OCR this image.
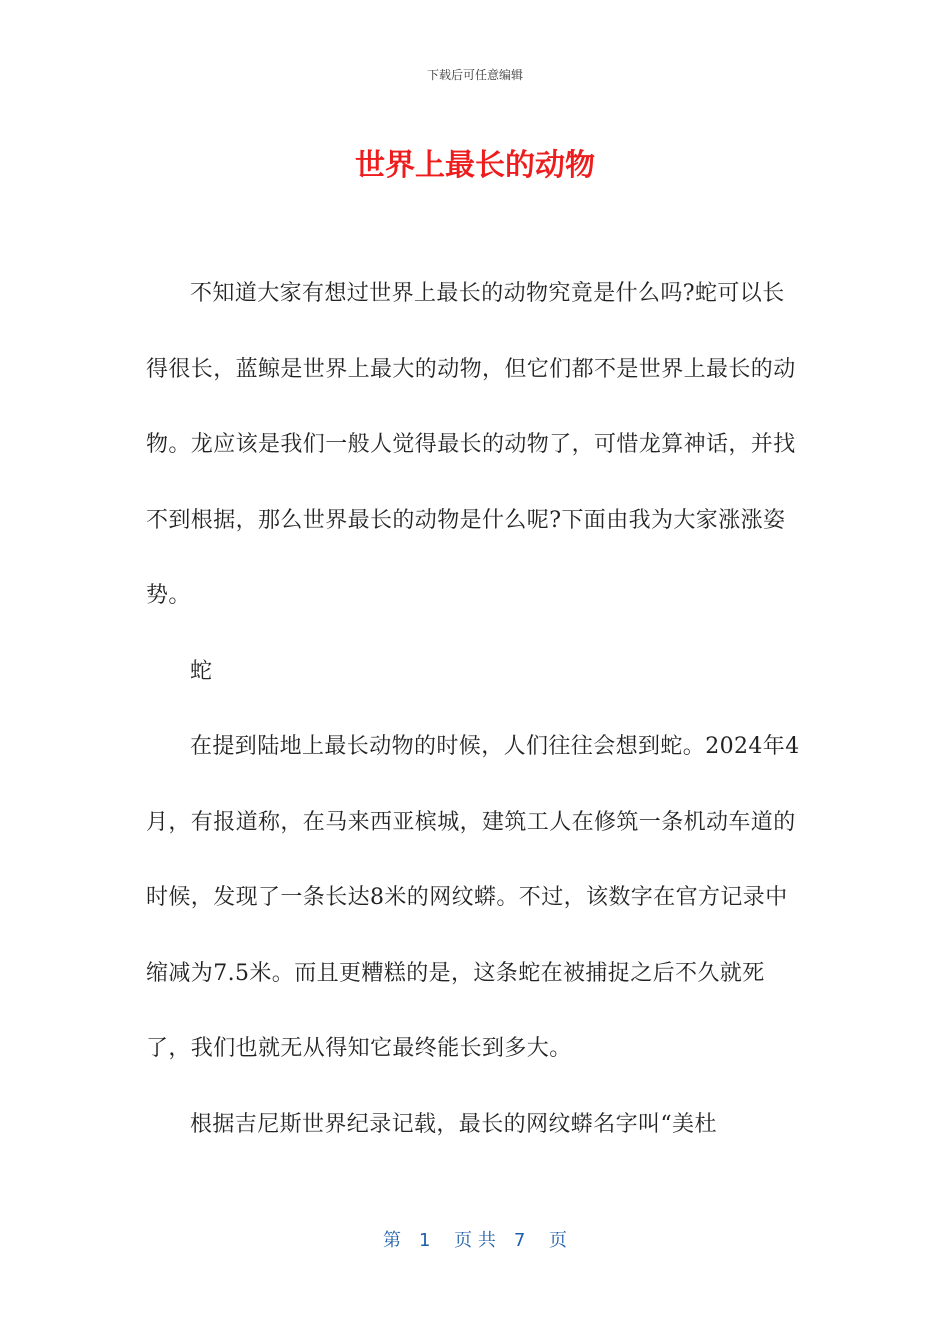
下载后可任意编辑
世界上最长的动物

不知道大家有想过世界上最长的动物究竟是什么吗?蛇可以长得很长，蓝鲸是世界上最大的动物，但它们都不是世界上最长的动物。龙应该是我们一般人觉得最长的动物了，可惜龙算神话，并找不到根据，那么世界最长的动物是什么呢?下面由我为大家涨涨姿势。

蛇

在提到陆地上最长动物的时候，人们往往会想到蛇。2024年4月，有报道称，在马来西亚槟城，建筑工人在修筑一条机动车道的时候，发现了一条长达8米的网纹蟒。不过，该数字在官方记录中缩减为7.5米。而且更糟糕的是，这条蛇在被捕捉之后不久就死了，我们也就无从得知它最终能长到多大。

根据吉尼斯世界纪录记载，最长的网纹蟒名字叫“美杜

第　1　 页 共　7　 页
